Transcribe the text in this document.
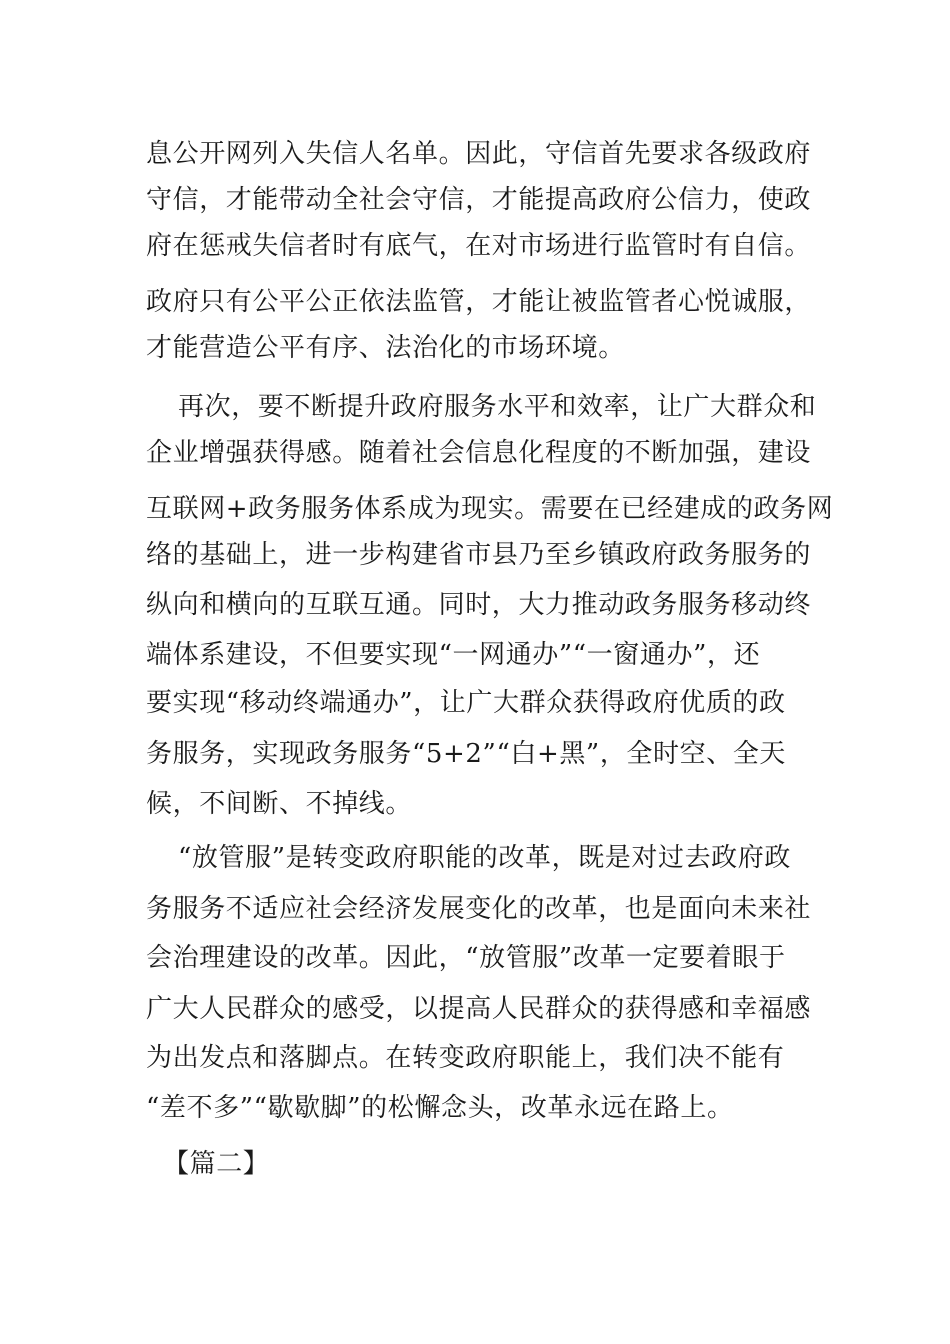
息公开网列入失信人名单。因此，守信首先要求各级政府
守信，才能带动全社会守信，才能提高政府公信力，使政
府在惩戒失信者时有底气，在对市场进行监管时有自信。
政府只有公平公正依法监管，才能让被监管者心悦诚服，
才能营造公平有序、法治化的市场环境。
再次，要不断提升政府服务水平和效率，让广大群众和
企业增强获得感。随着社会信息化程度的不断加强，建设
互联网+政务服务体系成为现实。需要在已经建成的政务网
络的基础上，进一步构建省市县乃至乡镇政府政务服务的
纵向和横向的互联互通。同时，大力推动政务服务移动终
端体系建设，不但要实现“一网通办”“一窗通办”，还
要实现“移动终端通办”，让广大群众获得政府优质的政
务服务，实现政务服务“5+2”“白+黑”，全时空、全天
候，不间断、不掉线。
“放管服”是转变政府职能的改革，既是对过去政府政
务服务不适应社会经济发展变化的改革，也是面向未来社
会治理建设的改革。因此，“放管服”改革一定要着眼于
广大人民群众的感受，以提高人民群众的获得感和幸福感
为出发点和落脚点。在转变政府职能上，我们决不能有
“差不多”“歇歇脚”的松懈念头，改革永远在路上。
【篇二】
